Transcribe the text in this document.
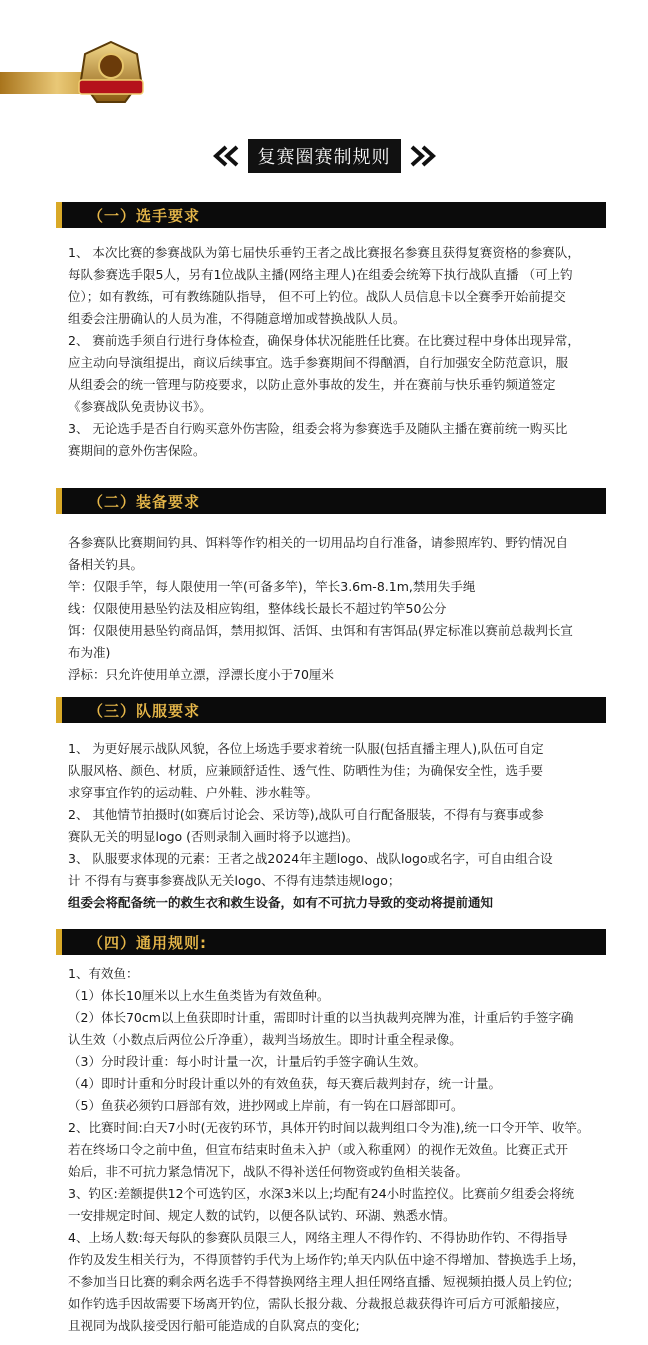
复赛圈赛制规则
（一）选手要求

1、 本次比赛的参赛战队为第七届快乐垂钓王者之战比赛报名参赛且获得复赛资格的参赛队，

每队参赛选手限5人，另有1位战队主播(网络主理人)在组委会统筹下执行战队直播 （可上钓

位）；如有教练，可有教练随队指导， 但不可上钓位。战队人员信息卡以全赛季开始前提交

组委会注册确认的人员为准，不得随意增加或替换战队人员。

2、 赛前选手须自行进行身体检查，确保身体状况能胜任比赛。在比赛过程中身体出现异常，

应主动向导演组提出，商议后续事宜。选手参赛期间不得酗酒，自行加强安全防范意识，服

从组委会的统一管理与防疫要求，以防止意外事故的发生，并在赛前与快乐垂钓频道签定

《参赛战队免责协议书》。

3、 无论选手是否自行购买意外伤害险，组委会将为参赛选手及随队主播在赛前统一购买比

赛期间的意外伤害保险。

（二）装备要求

各参赛队比赛期间钓具、饵料等作钓相关的一切用品均自行准备，请参照库钓、野钓情况自

备相关钓具。

竿：仅限手竿，每人限使用一竿(可备多竿)，竿长3.6m-8.1m,禁用失手绳

线：仅限使用悬坠钓法及相应钩组，整体线长最长不超过钓竿50公分

饵：仅限使用悬坠钓商品饵，禁用拟饵、活饵、虫饵和有害饵品(界定标准以赛前总裁判长宣

布为准)

浮标：只允许使用单立漂，浮漂长度小于70厘米

（三）队服要求

1、 为更好展示战队风貌，各位上场选手要求着统一队服(包括直播主理人),队伍可自定

队服风格、颜色、材质，应兼顾舒适性、透气性、防晒性为佳；为确保安全性，选手要

求穿事宜作钓的运动鞋、户外鞋、涉水鞋等。

2、 其他情节拍摄时(如赛后讨论会、采访等),战队可自行配备服装，不得有与赛事或参

赛队无关的明显logo (否则录制入画时将予以遮挡)。

3、 队服要求体现的元素：王者之战2024年主题logo、战队logo或名字，可自由组合设

计 不得有与赛事参赛战队无关logo、不得有违禁违规logo；

组委会将配备统一的救生衣和救生设备，如有不可抗力导致的变动将提前通知

（四）通用规则:

1、有效鱼：

（1）体长10厘米以上水生鱼类皆为有效鱼种。

（2）体长70cm以上鱼获即时计重，需即时计重的以当执裁判亮牌为准，计重后钓手签字确

认生效（小数点后两位公斤净重），裁判当场放生。即时计重全程录像。

（3）分时段计重：每小时计量一次，计量后钓手签字确认生效。

（4）即时计重和分时段计重以外的有效鱼获，每天赛后裁判封存，统一计量。

（5）鱼获必须钓口唇部有效，进抄网或上岸前，有一钩在口唇部即可。

2、比赛时间:白天7小时(无夜钓环节，具体开钓时间以裁判组口令为准),统一口令开竿、收竿。

若在终场口令之前中鱼，但宣布结束时鱼未入护（或入称重网）的视作无效鱼。比赛正式开

始后，非不可抗力紧急情况下，战队不得补送任何物资或钓鱼相关装备。

3、钓区:差额提供12个可选钓区，水深3米以上;均配有24小时监控仪。比赛前夕组委会将统

一安排规定时间、规定人数的试钓，以便各队试钓、环湖、熟悉水情。

4、上场人数:每天每队的参赛队员限三人，网络主理人不得作钓、不得协助作钓、不得指导

作钓及发生相关行为，不得顶替钓手代为上场作钓;单天内队伍中途不得增加、替换选手上场，

不参加当日比赛的剩余两名选手不得替换网络主理人担任网络直播、短视频拍摄人员上钓位;

如作钓选手因故需要下场离开钓位，需队长报分裁、分裁报总裁获得许可后方可派船接应，

且视同为战队接受因行船可能造成的自队窝点的变化;
